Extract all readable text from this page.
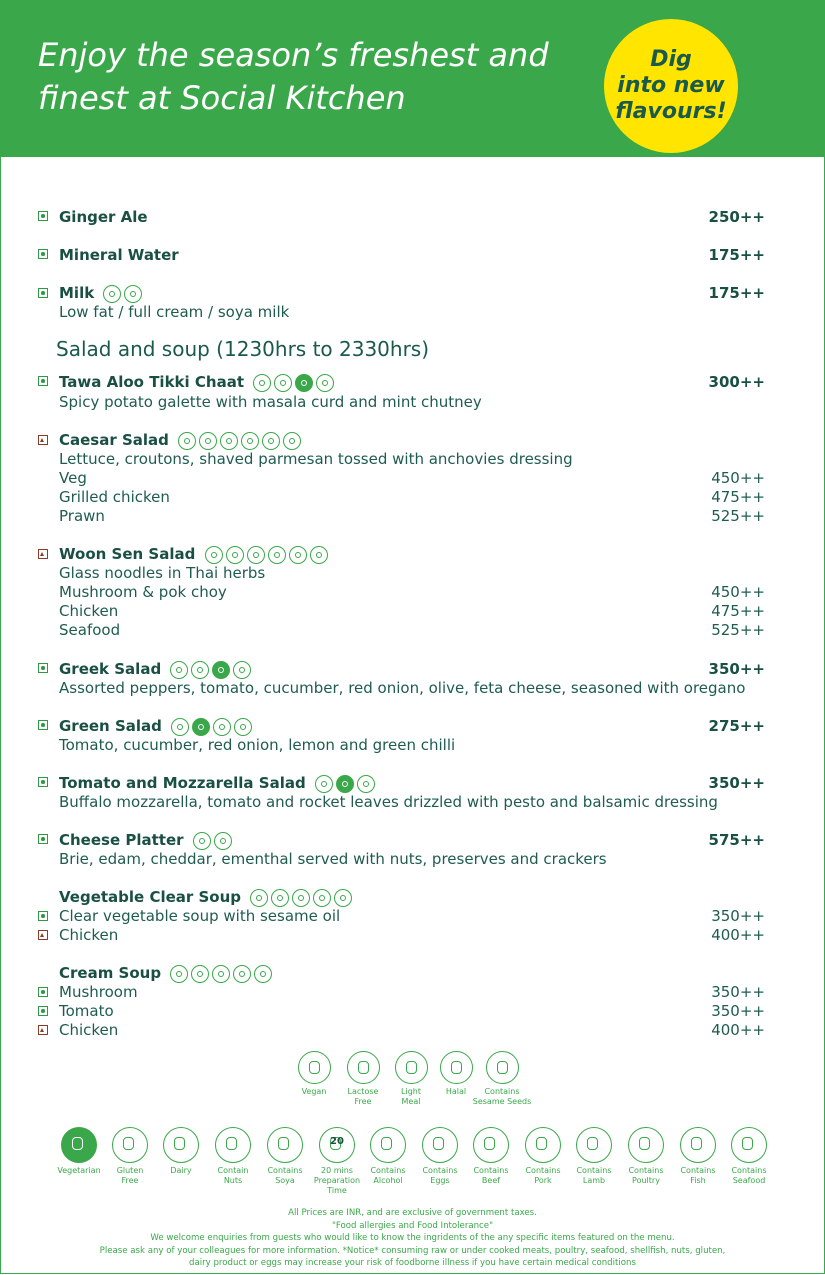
Enjoy the season’s freshest and
finest at Social Kitchen
Dig
into new
flavours!
Ginger Ale	250++
Mineral Water	175++
Milk	175++
Low fat / full cream / soya milk
Salad and soup (1230hrs to 2330hrs)
Tawa Aloo Tikki Chaat	300++
Spicy potato galette with masala curd and mint chutney
Caesar Salad
Lettuce, croutons, shaved parmesan tossed with anchovies dressing
Veg	450++
Grilled chicken	475++
Prawn	525++
Woon Sen Salad
Glass noodles in Thai herbs
Mushroom & pok choy	450++
Chicken	475++
Seafood	525++
Greek Salad	350++
Assorted peppers, tomato, cucumber, red onion, olive, feta cheese, seasoned with oregano
Green Salad	275++
Tomato, cucumber, red onion, lemon and green chilli
Tomato and Mozzarella Salad	350++
Buffalo mozzarella, tomato and rocket leaves drizzled with pesto and balsamic dressing
Cheese Platter	575++
Brie, edam, cheddar, ementhal served with nuts, preserves and crackers
Vegetable Clear Soup
Clear vegetable soup with sesame oil	350++
Chicken	400++
Cream Soup
Mushroom	350++
Tomato	350++
Chicken	400++
Vegan	Lactose Free
Light Meal
Halal	Contains Sesame Seeds
Vegetarian	Gluten Free
Dairy	Contain Nuts
Contains Soya
20
20 mins Preparation Time
Contains Alcohol
Contains Eggs
Contains Beef
Contains Pork
Contains Lamb
Contains Poultry
Contains Fish
Contains Seafood
All Prices are INR, and are exclusive of government taxes.
"Food allergies and Food Intolerance"
We welcome enquiries from guests who would like to know the ingridents of the any specific items featured on the menu.
Please ask any of your colleagues for more information. *Notice* consuming raw or under cooked meats, poultry, seafood, shellfish, nuts, gluten,
dairy product or eggs may increase your risk of foodborne illness if you have certain medical conditions
